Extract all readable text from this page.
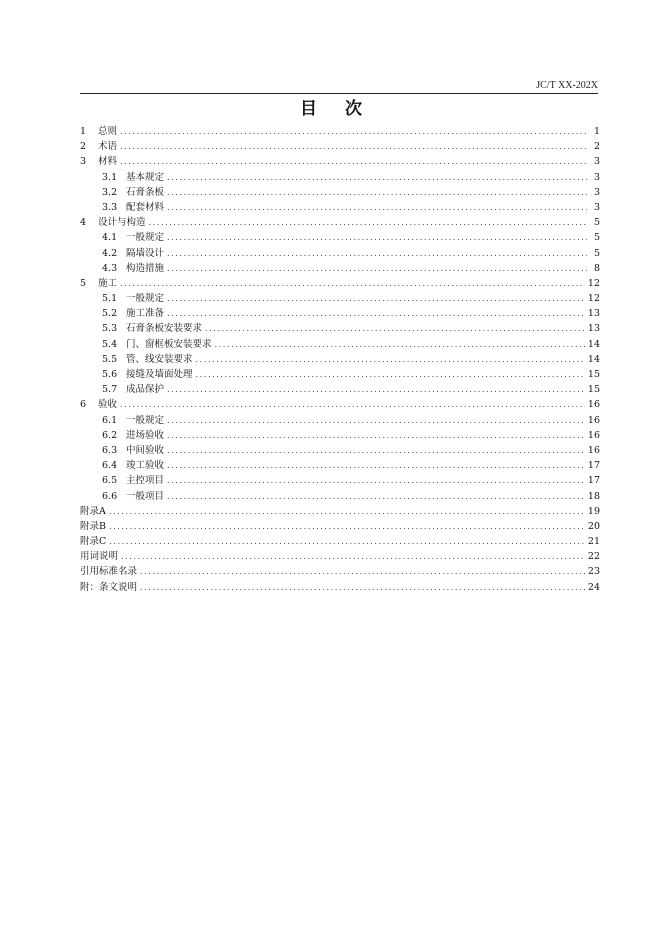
JC/T XX-202X
目 次
1	总则 .....	1
2	术语 .....	2
3	材料 .....	3
3.1 基本规定 .....	3
3.2 石膏条板 .....	3
3.3 配套材料 .....	3
4	设计与构造 .....	5
4.1 一般规定 .....	5
4.2 隔墙设计 .....	5
4.3 构造措施 .....	8
5	施工 .....	12
5.1 一般规定 .....	12
5.2 施工准备 .....	13
5.3 石膏条板安装要求 .....	13
5.4 门、窗框板安装要求 .....	14
5.5 管、线安装要求 .....	14
5.6 接缝及墙面处理 .....	15
5.7 成品保护 .....	15
6	验收 .....	16
6.1 一般规定 .....	16
6.2 进场验收 .....	16
6.3 中间验收 .....	16
6.4 竣工验收 .....	17
6.5 主控项目 .....	17
6.6 一般项目 .....	18
附录A .....	19
附录B .....	20
附录C .....	21
用词说明 .....	22
引用标准名录 .....	23
附：条文说明 .....	24
